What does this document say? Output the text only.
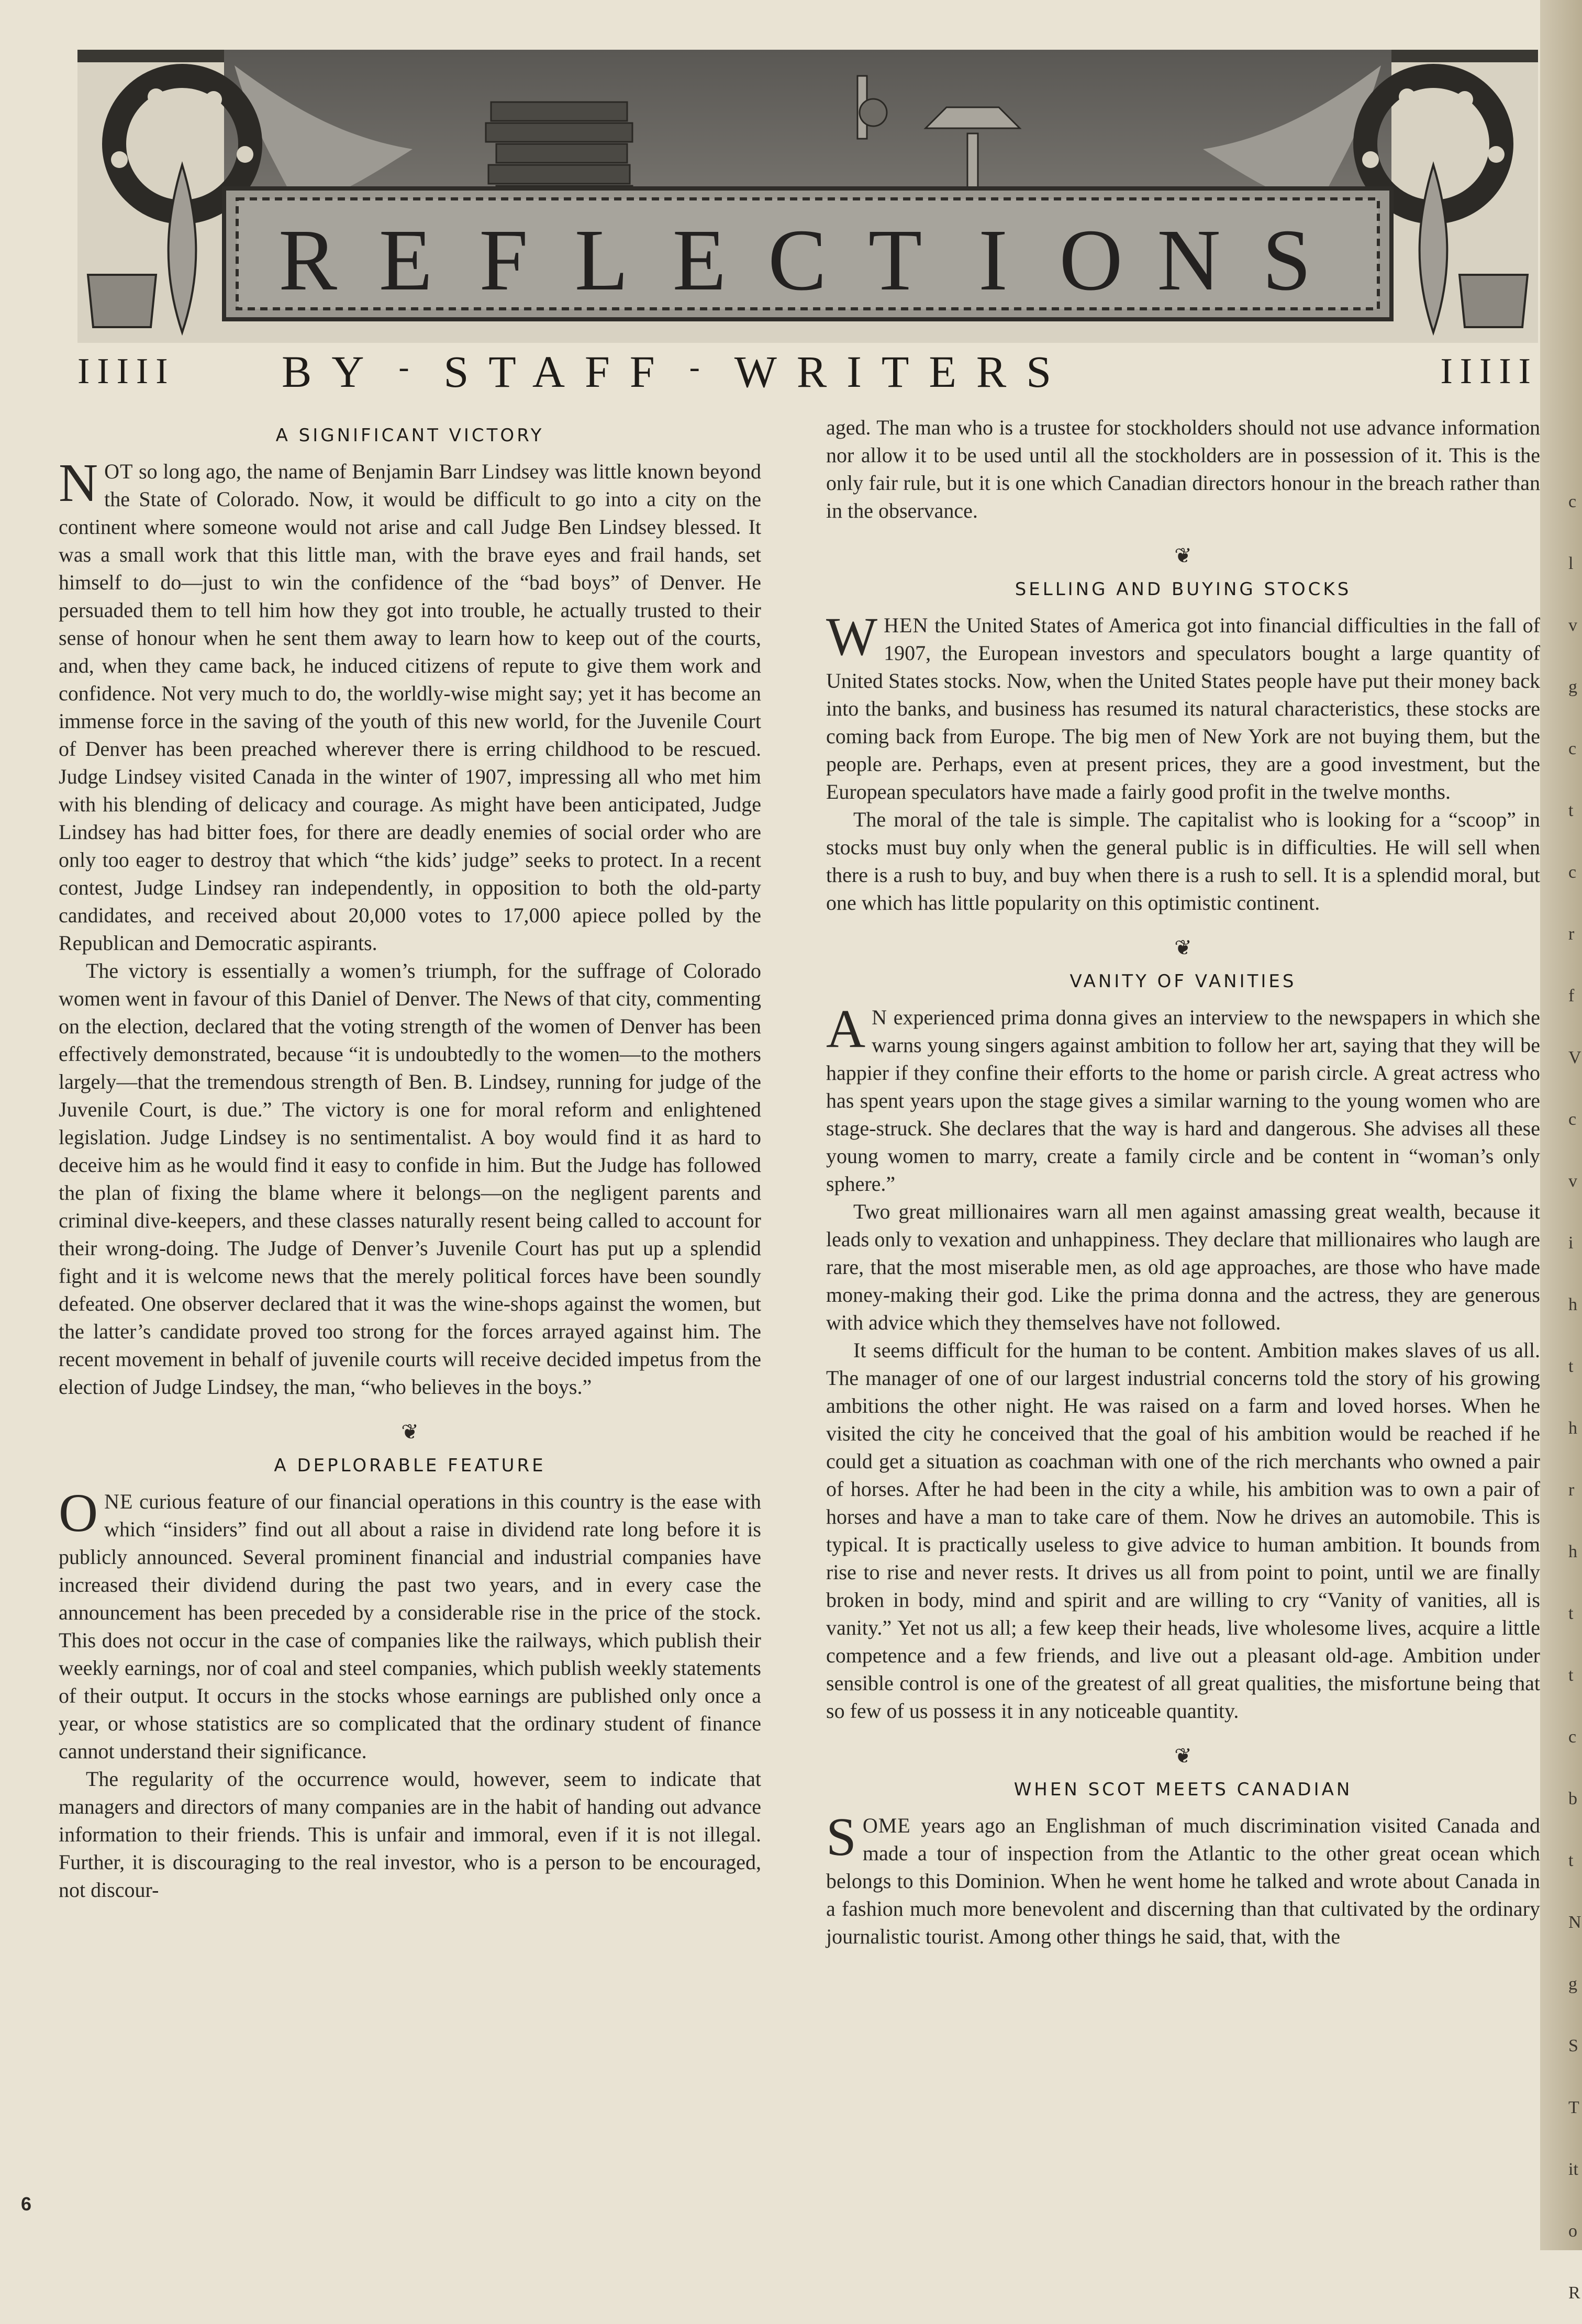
R E F L E C T I O N S
IIIII BY - STAFF - WRITERS	IIIII
A SIGNIFICANT VICTORY

NOT so long ago, the name of Benjamin Barr Lindsey was little known beyond the State of Colorado. Now, it would be difficult to go into a city on the continent where someone would not arise and call Judge Ben Lindsey blessed. It was a small work that this little man, with the brave eyes and frail hands, set himself to do—just to win the confidence of the “bad boys” of Denver. He persuaded them to tell him how they got into trouble, he actually trusted to their sense of honour when he sent them away to learn how to keep out of the courts, and, when they came back, he induced citizens of repute to give them work and confidence. Not very much to do, the worldly-wise might say; yet it has become an immense force in the saving of the youth of this new world, for the Juvenile Court of Denver has been preached wherever there is erring childhood to be rescued. Judge Lindsey visited Canada in the winter of 1907, impressing all who met him with his blending of delicacy and courage. As might have been anticipated, Judge Lindsey has had bitter foes, for there are deadly enemies of social order who are only too eager to destroy that which “the kids’ judge” seeks to protect. In a recent contest, Judge Lindsey ran independently, in opposition to both the old-party candidates, and received about 20,000 votes to 17,000 apiece polled by the Republican and Democratic aspirants.

The victory is essentially a women’s triumph, for the suffrage of Colorado women went in favour of this Daniel of Denver. The News of that city, commenting on the election, declared that the voting strength of the women of Denver has been effectively demonstrated, because “it is undoubtedly to the women—to the mothers largely—that the tremendous strength of Ben. B. Lindsey, running for judge of the Juvenile Court, is due.” The victory is one for moral reform and enlightened legislation. Judge Lindsey is no sentimentalist. A boy would find it as hard to deceive him as he would find it easy to confide in him. But the Judge has followed the plan of fixing the blame where it belongs—on the negligent parents and criminal dive-keepers, and these classes naturally resent being called to account for their wrong-doing. The Judge of Denver’s Juvenile Court has put up a splendid fight and it is welcome news that the merely political forces have been soundly defeated. One observer declared that it was the wine-shops against the women, but the latter’s candidate proved too strong for the forces arrayed against him. The recent movement in behalf of juvenile courts will receive decided impetus from the election of Judge Lindsey, the man, “who believes in the boys.”

❦
A DEPLORABLE FEATURE

ONE curious feature of our financial operations in this country is the ease with which “insiders” find out all about a raise in dividend rate long before it is publicly announced. Several prominent financial and industrial companies have increased their dividend during the past two years, and in every case the announcement has been preceded by a considerable rise in the price of the stock. This does not occur in the case of companies like the railways, which publish their weekly earnings, nor of coal and steel companies, which publish weekly statements of their output. It occurs in the stocks whose earnings are published only once a year, or whose statistics are so complicated that the ordinary student of finance cannot understand their significance.

The regularity of the occurrence would, however, seem to indicate that managers and directors of many companies are in the habit of handing out advance information to their friends. This is unfair and immoral, even if it is not illegal. Further, it is discouraging to the real investor, who is a person to be encouraged, not discour-

aged. The man who is a trustee for stockholders should not use advance information nor allow it to be used until all the stockholders are in possession of it. This is the only fair rule, but it is one which Canadian directors honour in the breach rather than in the observance.

❦
SELLING AND BUYING STOCKS

WHEN the United States of America got into financial difficulties in the fall of 1907, the European investors and speculators bought a large quantity of United States stocks. Now, when the United States people have put their money back into the banks, and business has resumed its natural characteristics, these stocks are coming back from Europe. The big men of New York are not buying them, but the people are. Perhaps, even at present prices, they are a good investment, but the European speculators have made a fairly good profit in the twelve months.

The moral of the tale is simple. The capitalist who is looking for a “scoop” in stocks must buy only when the general public is in difficulties. He will sell when there is a rush to buy, and buy when there is a rush to sell. It is a splendid moral, but one which has little popularity on this optimistic continent.

❦
VANITY OF VANITIES

A N experienced prima donna gives an interview to the newspapers in which she warns young singers against ambition to follow her art, saying that they will be happier if they confine their efforts to the home or parish circle. A great actress who has spent years upon the stage gives a similar warning to the young women who are stage-struck. She declares that the way is hard and dangerous. She advises all these young women to marry, create a family circle and be content in “woman’s only sphere.”

Two great millionaires warn all men against amassing great wealth, because it leads only to vexation and unhappiness. They declare that millionaires who laugh are rare, that the most miserable men, as old age approaches, are those who have made money-making their god. Like the prima donna and the actress, they are generous with advice which they themselves have not followed.

It seems difficult for the human to be content. Ambition makes slaves of us all. The manager of one of our largest industrial concerns told the story of his growing ambitions the other night. He was raised on a farm and loved horses. When he visited the city he conceived that the goal of his ambition would be reached if he could get a situation as coachman with one of the rich merchants who owned a pair of horses. After he had been in the city a while, his ambition was to own a pair of horses and have a man to take care of them. Now he drives an automobile. This is typical. It is practically useless to give advice to human ambition. It bounds from rise to rise and never rests. It drives us all from point to point, until we are finally broken in body, mind and spirit and are willing to cry “Vanity of vanities, all is vanity.” Yet not us all; a few keep their heads, live wholesome lives, acquire a little competence and a few friends, and live out a pleasant old-age. Ambition under sensible control is one of the greatest of all great qualities, the misfortune being that so few of us possess it in any noticeable quantity.

❦
WHEN SCOT MEETS CANADIAN

SOME years ago an Englishman of much discrimination visited Canada and made a tour of inspection from the Atlantic to the other great ocean which belongs to this Dominion. When he went home he talked and wrote about Canada in a fashion much more benevolent and discerning than that cultivated by the ordinary journalistic tourist. Among other things he said, that, with the

6
c
l
v
g
c
t
c
r
f
V
c
v
i
h
t
h
r
h
t
t
c
b
t
N
g
S
T
it
o
R
